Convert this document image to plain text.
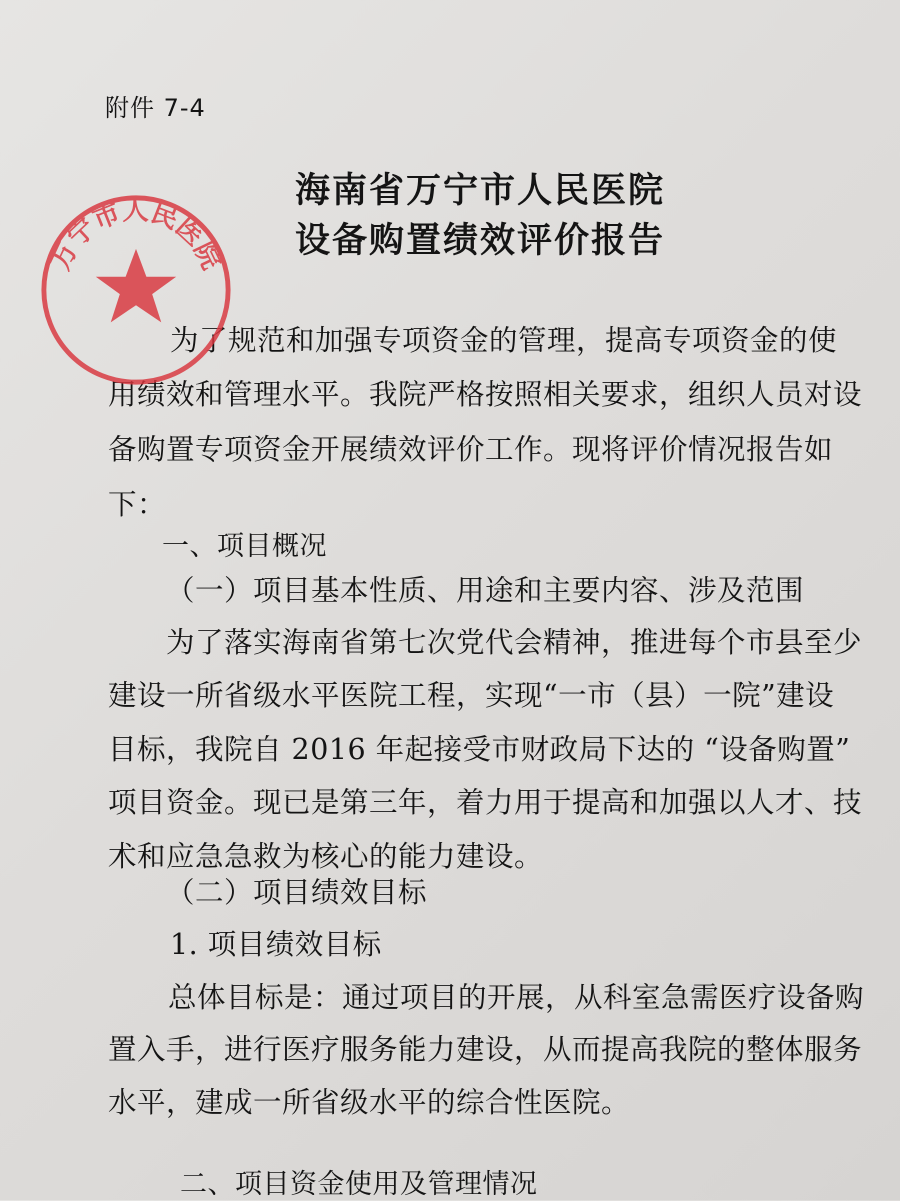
附件 7-4
海南省万宁市人民医院
设备购置绩效评价报告
为了规范和加强专项资金的管理，提高专项资金的使
用绩效和管理水平。我院严格按照相关要求，组织人员对设
备购置专项资金开展绩效评价工作。现将评价情况报告如
下：
一、项目概况
（一）项目基本性质、用途和主要内容、涉及范围
为了落实海南省第七次党代会精神，推进每个市县至少
建设一所省级水平医院工程，实现“一市（县）一院”建设
目标，我院自 2016 年起接受市财政局下达的 “设备购置”
项目资金。现已是第三年，着力用于提高和加强以人才、技
术和应急急救为核心的能力建设。
（二）项目绩效目标
1. 项目绩效目标
总体目标是：通过项目的开展，从科室急需医疗设备购
置入手，进行医疗服务能力建设，从而提高我院的整体服务
水平，建成一所省级水平的综合性医院。
二、项目资金使用及管理情况
万宁市人民医院
